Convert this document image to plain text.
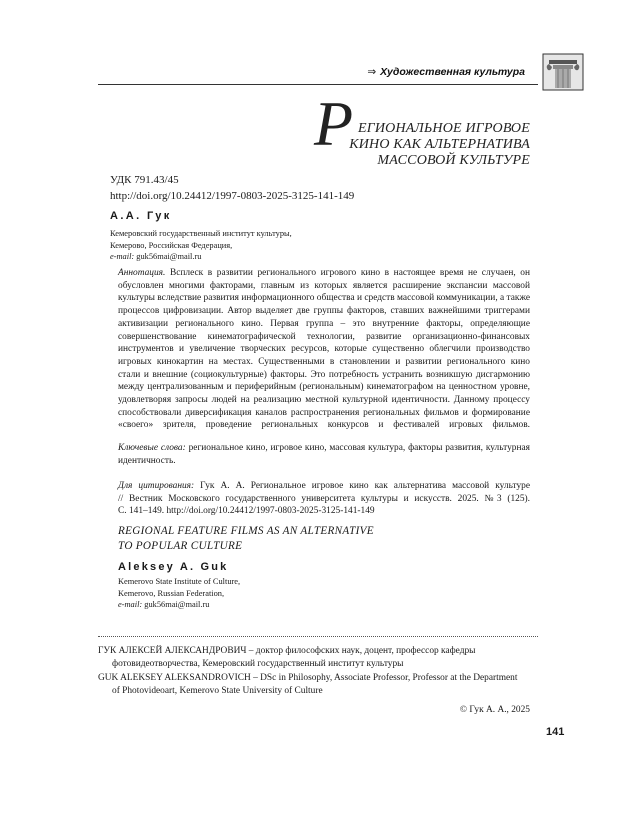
⇒ Художественная культура
Р ЕГИОНАЛЬНОЕ ИГРОВОЕ
КИНО КАК АЛЬТЕРНАТИВА
МАССОВОЙ КУЛЬТУРЕ
УДК 791.43/45
http://doi.org/10.24412/1997-0803-2025-3125-141-149
А.А. Гук
Кемеровский государственный институт культуры,
Кемерово, Российская Федерация,
e-mail: guk56mai@mail.ru
Аннотация. Всплеск в развитии регионального игрового кино в настоящее время не случаен, он
обусловлен многими факторами, главным из которых является расширение экспансии массовой
культуры вследствие развития информационного общества и средств массовой коммуникации, а также
процессов цифровизации. Автор выделяет две группы факторов, ставших важнейшими триггерами
активизации регионального кино. Первая группа – это внутренние факторы, определяющие
совершенствование кинематографической технологии, развитие организационно-финансовых
инструментов и увеличение творческих ресурсов, которые существенно облегчили производство
игровых кинокартин на местах. Существенными в становлении и развитии регионального кино
стали и внешние (социокультурные) факторы. Это потребность устранить возникшую дисгармонию
между централизованным и периферийным (региональным) кинематографом на ценностном уровне,
удовлетворяя запросы людей на реализацию местной культурной идентичности. Данному процессу
способствовали диверсификация каналов распространения региональных фильмов и формирование
«своего» зрителя, проведение региональных конкурсов и фестивалей игровых фильмов.
Ключевые слова: региональное кино, игровое кино, массовая культура, факторы развития, культурная
идентичность.
Для цитирования: Гук А. А. Региональное игровое кино как альтернатива массовой культуре
// Вестник Московского государственного университета культуры и искусств. 2025. №3 (125).
С. 141–149. http://doi.org/10.24412/1997-0803-2025-3125-141-149
REGIONAL FEATURE FILMS AS AN ALTERNATIVE
TO POPULAR CULTURE
Aleksey A. Guk
Kemerovo State Institute of Culture,
Kemerovo, Russian Federation,
e-mail: guk56mai@mail.ru
ГУК АЛЕКСЕЙ АЛЕКСАНДРОВИЧ – доктор философских наук, доцент, профессор кафедры
фотовидеотворчества, Кемеровский государственный институт культуры
GUK ALEKSEY ALEKSANDROVICH – DSc in Philosophy, Associate Professor, Professor at the Department
of Photovideoart, Kemerovo State University of Culture
© Гук А. А., 2025
141
